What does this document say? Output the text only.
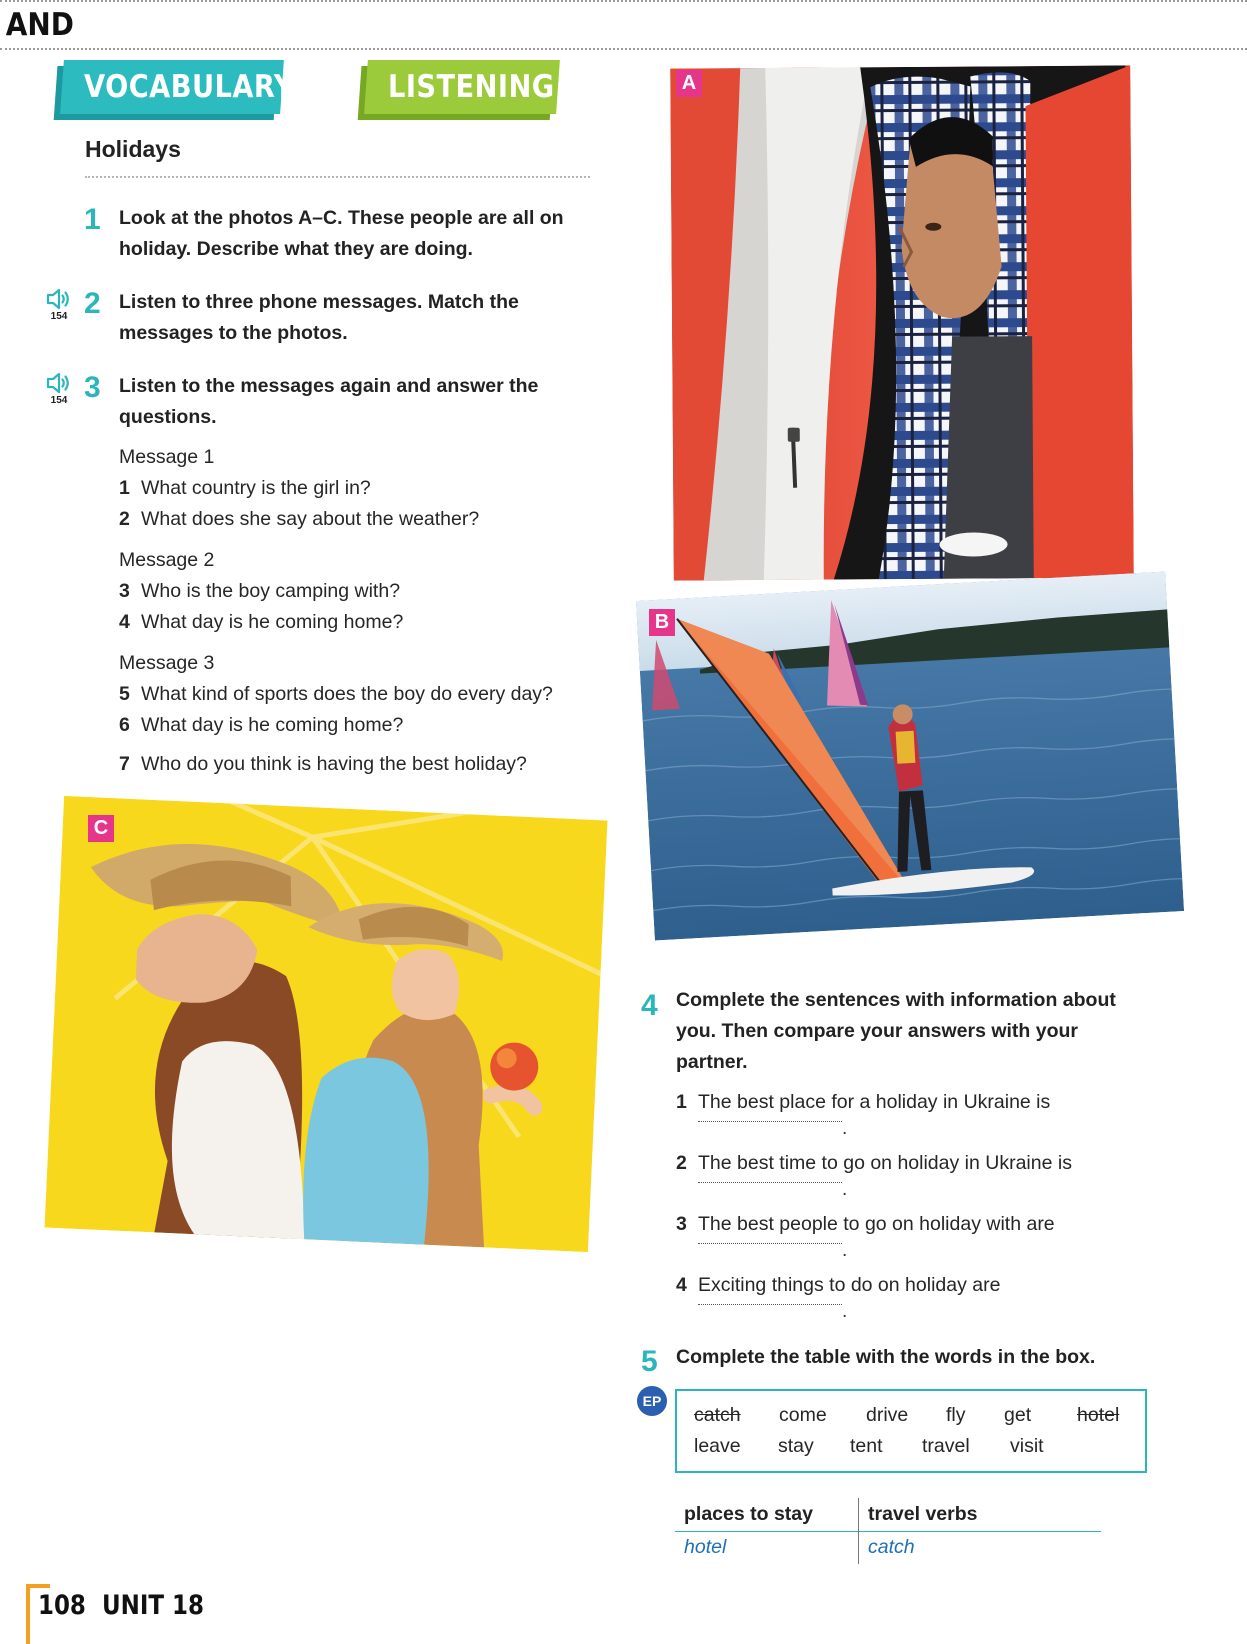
VOCABULARY
AND
LISTENING
Holidays
1 Look at the photos A–C. These people are all on
holiday. Describe what they are doing.
154 2 Listen to three phone messages. Match the
messages to the photos.
154 3 Listen to the messages again and answer the
questions.
Message 1
1 What country is the girl in?
2 What does she say about the weather?
Message 2
3 Who is the boy camping with?
4 What day is he coming home?
Message 3
5 What kind of sports does the boy do every day?
6 What day is he coming home?
7 Who do you think is having the best holiday?
A
B
C
4 Complete the sentences with information about
you. Then compare your answers with your
partner.
1 The best place for a holiday in Ukraine is
.
2 The best time to go on holiday in Ukraine is
.
3 The best people to go on holiday with are
.
4 Exciting things to do on holiday are
.
5 Complete the table with the words in the box.
EP
catch come drive fly get hotel
leave stay tent travel visit
places to stay	travel verbs
hotel	catch
108 UNIT 18
